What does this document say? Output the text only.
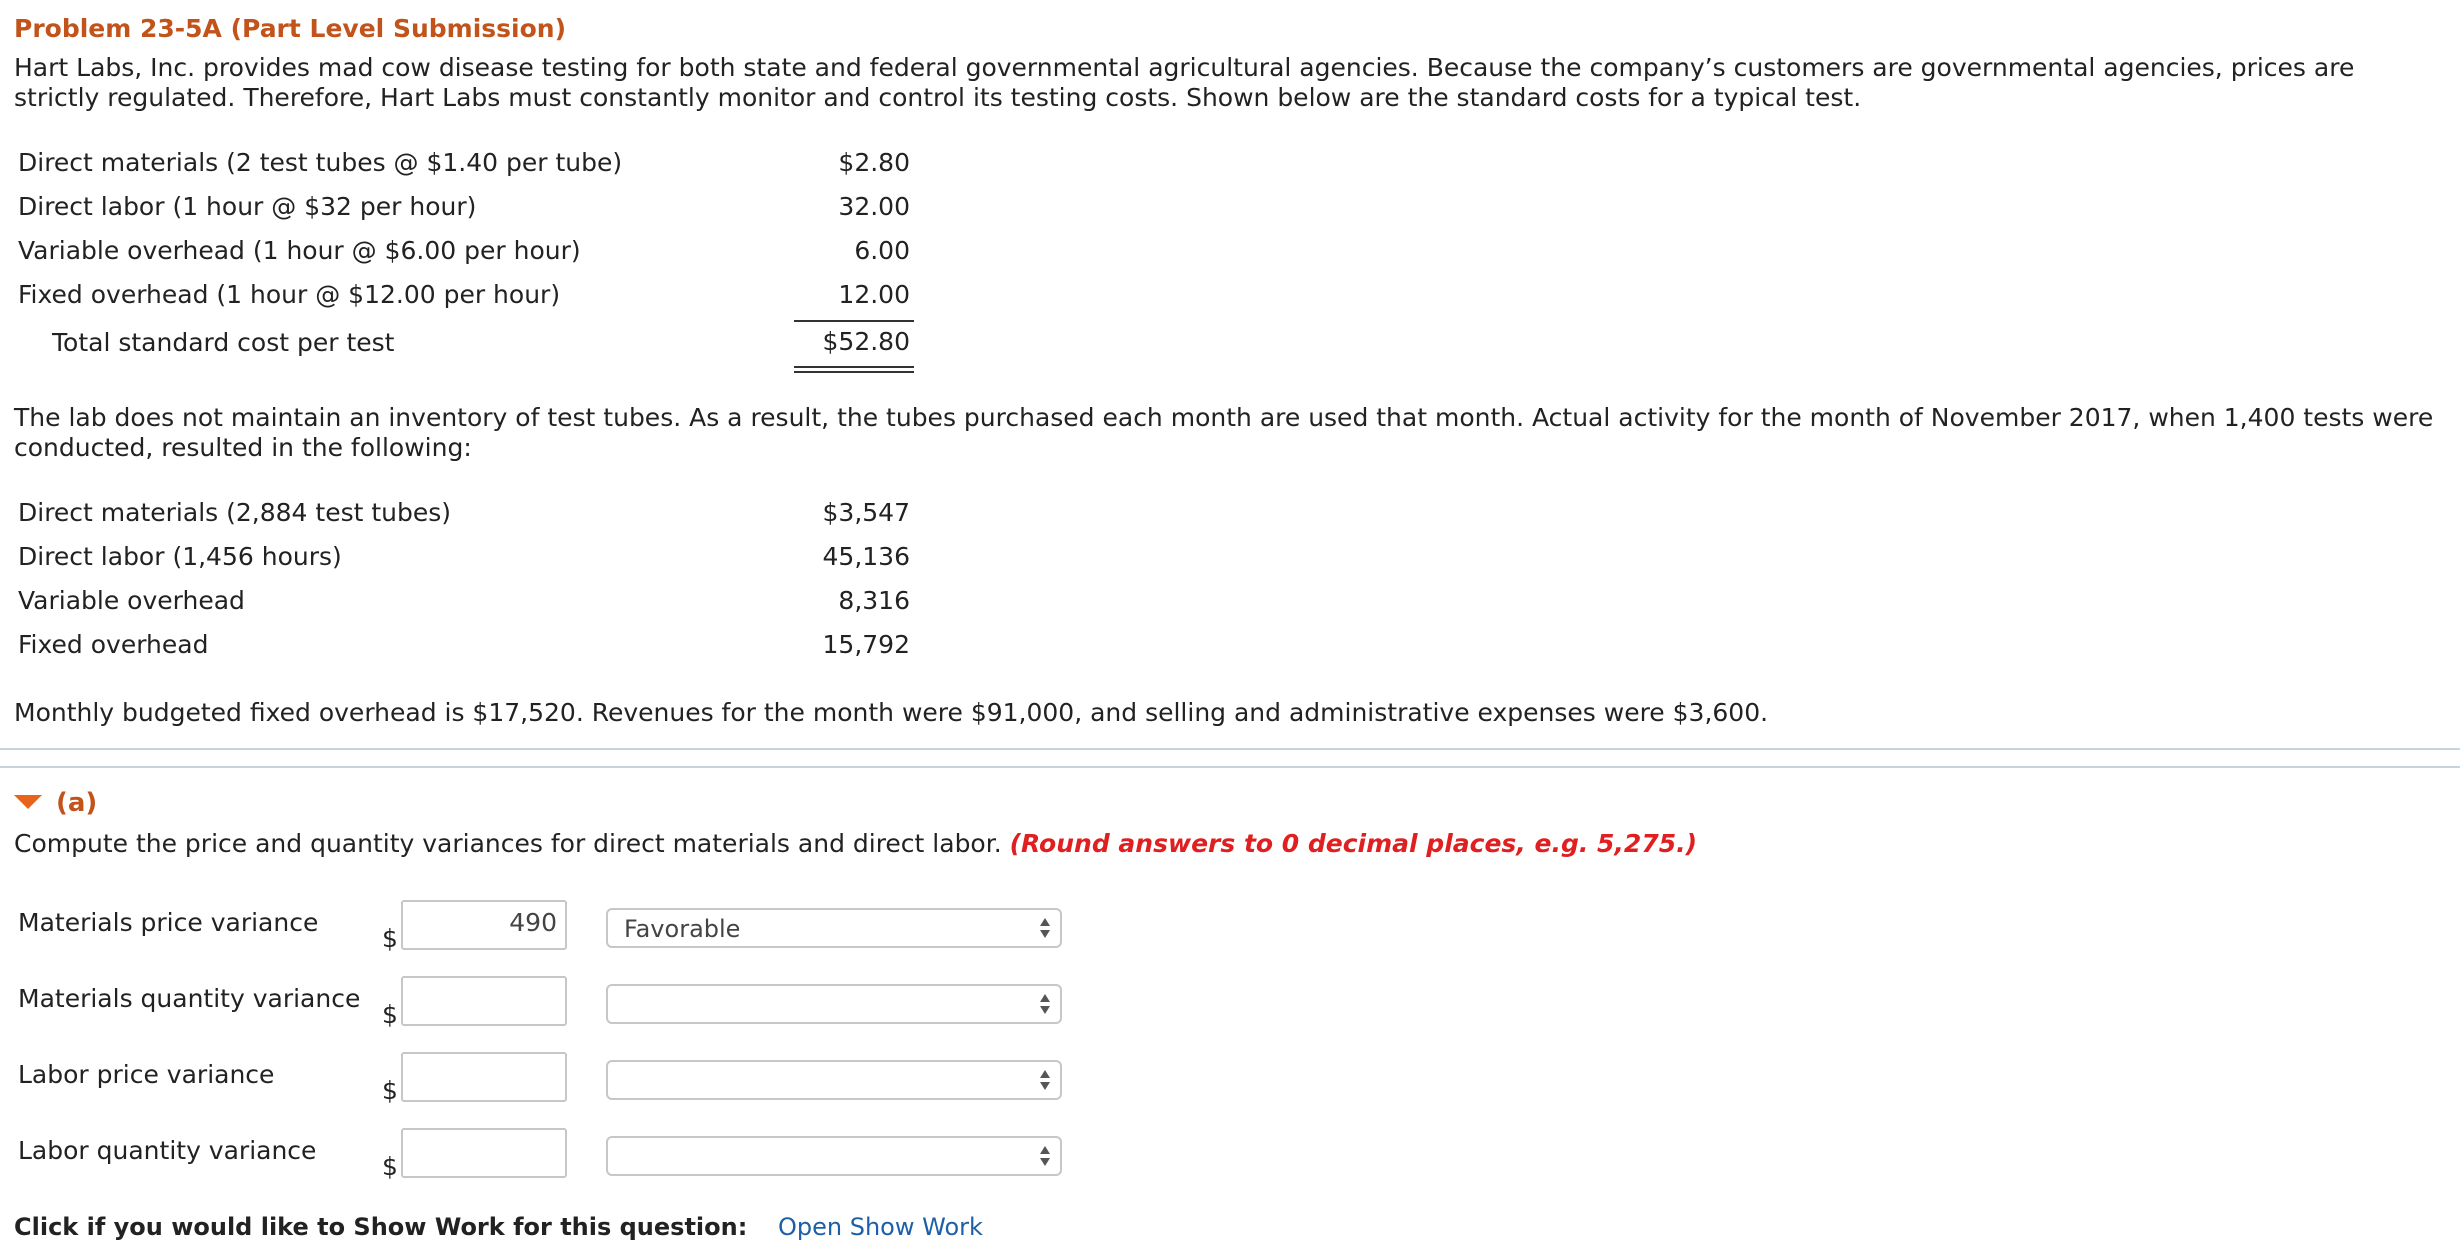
Problem 23-5A (Part Level Submission)
Hart Labs, Inc. provides mad cow disease testing for both state and federal governmental agricultural agencies. Because the company’s customers are governmental agencies, prices are strictly regulated. Therefore, Hart Labs must constantly monitor and control its testing costs. Shown below are the standard costs for a typical test.
Direct materials (2 test tubes @ $1.40 per tube)	$2.80
Direct labor (1 hour @ $32 per hour)	32.00
Variable overhead (1 hour @ $6.00 per hour)	6.00
Fixed overhead (1 hour @ $12.00 per hour)	12.00
Total standard cost per test	$52.80
The lab does not maintain an inventory of test tubes. As a result, the tubes purchased each month are used that month. Actual activity for the month of November 2017, when 1,400 tests were conducted, resulted in the following:
Direct materials (2,884 test tubes)	$3,547
Direct labor (1,456 hours)	45,136
Variable overhead	8,316
Fixed overhead	15,792
Monthly budgeted fixed overhead is $17,520. Revenues for the month were $91,000, and selling and administrative expenses were $3,600.
(a)
Compute the price and quantity variances for direct materials and direct labor. (Round answers to 0 decimal places, e.g. 5,275.)
Materials price variance
$
490	Favorable
Materials quantity variance
$
Labor price variance
$
Labor quantity variance
$
Click if you would like to Show Work for this question: Open Show Work
